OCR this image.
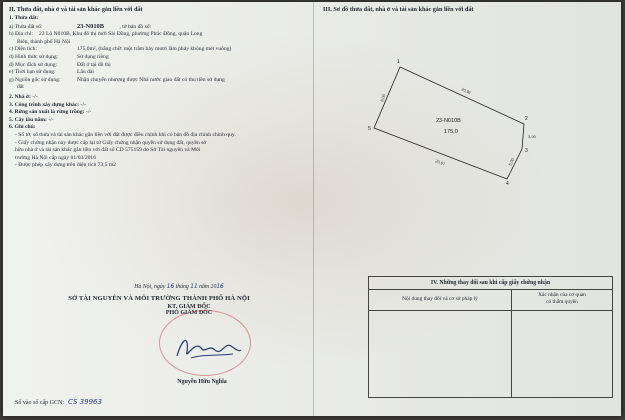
II. Thửa đất, nhà ở và tài sản khác gắn liền với đất
1. Thửa đất:
a) Thửa đất số:	23-N010B	, tờ bản đồ số:
b) Địa chỉ: 23 Lô N010B, Khu đô thị mới Sài Đồng, phường Phúc Đồng, quận Long
Biên, thành phố Hà Nội
c) Diện tích:	175,0m², (bằng chữ: một trăm bảy mươi lăm phảy không mét vuông)
d) Hình thức sử dụng:	Sử dụng riêng
đ) Mục đích sử dụng:	Đất ở tại đô thị
e) Thời hạn sử dụng:	Lâu dài
g) Nguồn gốc sử dụng:	Nhận chuyển nhượng được Nhà nước giao đất có thu tiền sử dụng
đất
2. Nhà ở: -/-
3. Công trình xây dựng khác: -/-
4. Rừng sản xuất là rừng trồng: -/-
5. Cây lâu năm: -/-
6. Ghi chú:
- Số tờ, số thửa và tài sản khác gắn liền với đất được điều chỉnh khi có bản đồ địa chính chính quy.
- Giấy chứng nhận này được cấp lại từ Giấy chứng nhận quyền sử dụng đất, quyền sở
hữu nhà ở và tài sản khác gắn liền với đất số CD 575159 do Sở Tài nguyên và Môi
trường Hà Nội cấp ngày 01/03/2016
- Được phép xây dựng trên diện tích 73,5 m2
Hà Nội, ngày 16 tháng 11 năm 2016
SỞ TÀI NGUYÊN VÀ MÔI TRƯỜNG THÀNH PHỐ HÀ NỘI
KT. GIÁM ĐỐC
PHÓ GIÁM ĐỐC
Nguyễn Hữu Nghĩa
Số vào sổ cấp GCN: CS 39963
III. Sơ đồ thửa đất, nhà ở và tài sản khác gắn liền với đất
1
2
3
4
5
20,96
8,00
3,00
5,00
20,97
23-N010B
175,0
IV. Những thay đổi sau khi cấp giấy chứng nhận
Nội dung thay đổi và cơ sở pháp lý
Xác nhận của cơ quan
có thẩm quyền
